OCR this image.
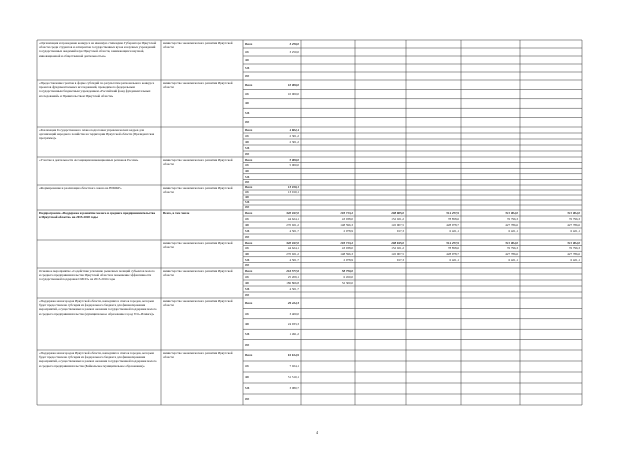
«Организация и проведение конкурса на именную стипендию Губернатора Иркутской области среди студентов и аспирантов государственных вузов и научных учреждений государственных академий наук Иркутской области, занимающихся научной, инновационной и общественной деятельностью»
министерство экономического развития Иркутской области
Всего	3 250,0
ОБ	3 250,0
ФБ
МБ
ИИ
«Предоставление грантов в форме субсидий по результатам регионального конкурса проектов фундаментальных исследований, проводимого федеральным государственным бюджетным учреждением «Российский фонд фундаментальных исследований» и Правительством Иркутской области»
министерство экономического развития Иркутской области
Всего	10 000,0
ОБ	10 000,0
ФБ
МБ
ИИ
«Реализация Государственного плана подготовки управленческих кадров для организаций народного хозяйства на территории Иркутской области (Президентская программа)»
Всего	4 602,4
ОБ	2 301,2
ФБ	2 301,2
МБ
ИИ
«Участие в деятельности Ассоциации инновационных регионов России»	министерство экономического развития Иркутской области
Всего	5 000,0
ОБ	5 000,0
ФБ
МБ
ИИ
«Формирование и реализация областного заказа на НИОКР»	министерство экономического развития Иркутской области
Всего	13 010,1
ОБ	13 010,1
ФБ
МБ
ИИ
Подпрограмма «Поддержка и развитие малого и среднего предпринимательства в Иркутской области» на 2015-2020 годы
Всего, в том числе	Всего	320 047,0	193 713,2	298 865,0	514 257,9	511 004,0	511 004,0
ОБ	44 624,1	43 038,0	152 021,2	78 858,6	76 796,3	76 796,3
ФБ	270 921,2	148 596,3	145 907,5	428 978,7	427 786,6	427 786,6
МБ	4 501,7	2 078,9	917,3	6 421,1	6 421,1	6 421,1
ИИ
министерство экономического развития Иркутской области
Всего	320 047,0	193 713,2	298 845,0	514 257,9	511 004,0	511 004,0
ОБ	44 624,1	43 038,0	152 021,2	78 858,6	76 796,3	76 796,3
ФБ	270 921,2	148 596,3	145 907,5	428 978,7	427 786,6	427 786,6
МБ	4 501,7	2 078,9	917,3	6 421,1	6 421,1	6 421,1
ИИ
Основное мероприятие «Содействие усилению рыночных позиций субъектов малого и среднего предпринимательства Иркутской области и повышение эффективности государственной поддержки СМСП» на 2015-2016 годы
министерство экономического развития Иркутской области
Всего	216 577,6	58 750,0
ОБ	25 209,1	6 450,0
ФБ	186 866,8	52 300,0
МБ	4 501,7
ИИ
«Поддержка моногородов Иркутской области, вошедших в список городов, которым будет предоставлена субсидия из федерального бюджета для финансирования мероприятий, осуществляемых в рамках оказания государственной поддержки малого и среднего предпринимательства (муниципальное образование город Усть-Илимск)»
министерство экономического развития Иркутской области
Всего	29 424,3
ОБ	3 400,0
ФБ	24 933,3
МБ	1 491,2
ИИ
«Поддержка моногородов Иркутской области, вошедших в список городов, которым будет предоставлена субсидия из федерального бюджета для финансирования мероприятий, осуществляемых в рамках оказания государственной поддержки малого и среднего предпринимательства (Байкальское муниципальное образование)»
министерство экономического развития Иркутской области	Всего	61 614,9
ОБ	7 024,1
ФБ	51 510,1
МБ	3 080,7
ИИ
4
